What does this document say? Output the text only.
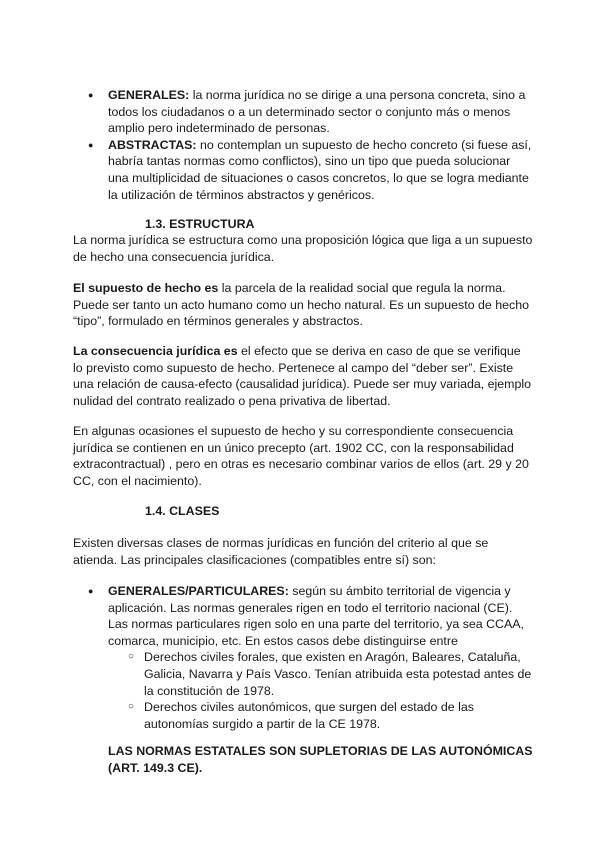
● GENERALES: la norma jurídica no se dirige a una persona concreta, sino a todos los ciudadanos o a un determinado sector o conjunto más o menos amplio pero indeterminado de personas.
● ABSTRACTAS: no contemplan un supuesto de hecho concreto (si fuese así, habría tantas normas como conflictos), sino un tipo que pueda solucionar una multiplicidad de situaciones o casos concretos, lo que se logra mediante la utilización de términos abstractos y genéricos.
1.3. ESTRUCTURA

La norma jurídica se estructura como una proposición lógica que liga a un supuesto de hecho una consecuencia jurídica.

El supuesto de hecho es la parcela de la realidad social que regula la norma. Puede ser tanto un acto humano como un hecho natural. Es un supuesto de hecho “tipo”, formulado en términos generales y abstractos.

La consecuencia jurídica es el efecto que se deriva en caso de que se verifique lo previsto como supuesto de hecho. Pertenece al campo del “deber ser”. Existe una relación de causa-efecto (causalidad jurídica). Puede ser muy variada, ejemplo nulidad del contrato realizado o pena privativa de libertad.

En algunas ocasiones el supuesto de hecho y su correspondiente consecuencia jurídica se contienen en un único precepto (art. 1902 CC, con la responsabilidad extracontractual) , pero en otras es necesario combinar varios de ellos (art. 29 y 20 CC, con el nacimiento).

1.4. CLASES

Existen diversas clases de normas jurídicas en función del criterio al que se atienda. Las principales clasificaciones (compatibles entre sí) son:

● GENERALES/PARTICULARES: según su ámbito territorial de vigencia y aplicación. Las normas generales rigen en todo el territorio nacional (CE). Las normas particulares rigen solo en una parte del territorio, ya sea CCAA, comarca, municipio, etc. En estos casos debe distinguirse entre
○ Derechos civiles forales, que existen en Aragón, Baleares, Cataluña, Galicia, Navarra y País Vasco. Tenían atribuida esta potestad antes de la constitución de 1978.
○ Derechos civiles autonómicos, que surgen del estado de las autonomías surgido a partir de la CE 1978.
LAS NORMAS ESTATALES SON SUPLETORIAS DE LAS AUTONÓMICAS (ART. 149.3 CE).
